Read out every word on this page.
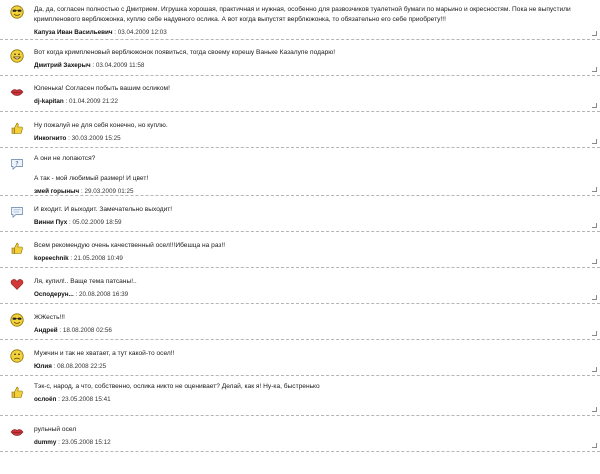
Да, да, согласен полностью с Дмитрием. Игрушка хорошая, практичная и нужная, особенно для развозчиков туалетной бумаги по марьино и окресностям. Пока не выпустили

кримпленового верблюжонка, куплю себе надувного ослика. А вот когда выпустят верблюжонка, то обязательно его себе приобрету!!!

Капуза Иван Васильевич : 03.04.2009 12:03

Вот когда кримпленовый верблюжонок появиться, тогда своему корешу Ваньке Казалупе подарю!

Дмитрий Захерыч : 03.04.2009 11:58

Юленька! Согласен побыть вашим осликом!

dj-kapitan : 01.04.2009 21:22

Ну пожалуй не для себя конечно, но куплю.

Инкогнито : 30.03.2009 15:25
?

А они не лопаются?

А так - мой любимый размер! И цвет!

змей горыныч : 29.03.2009 01:25

И входит. И выходит. Замечательно выходит!

Винни Пух : 05.02.2009 18:59

Всем рекомендую очень качественный осел!!!Ибешца на раз!!

kopeechnik : 21.05.2008 10:49

Ля, купил!.. Ваще тема патсаны!..

Осподерун... : 20.08.2008 16:39

ЖЖесть!!!

Андрей : 18.08.2008 02:56

Мужчин и так не хватает, а тут какой-то осел!!

Юлия : 08.08.2008 22:25

Тэк-с, народ, а что, собственно, ослика никто не оценивает? Делай, как я! Ну-ка, быстренько

ослоёп : 23.05.2008 15:41

рульный осел

dummy : 23.05.2008 15:12
